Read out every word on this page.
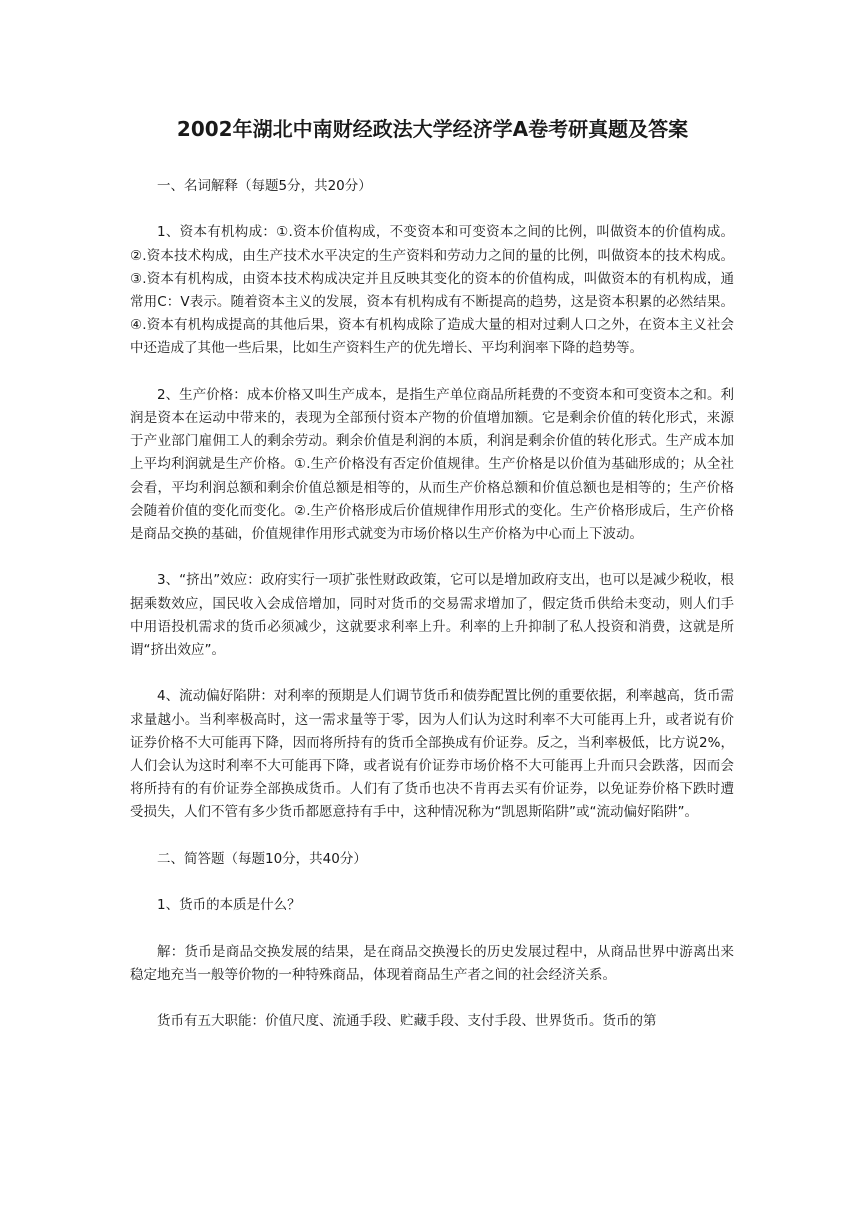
2002年湖北中南财经政法大学经济学A卷考研真题及答案

一、名词解释（每题5分，共20分）

1、资本有机构成：①.资本价值构成，不变资本和可变资本之间的比例，叫做资本的价值构成。②.资本技术构成，由生产技术水平决定的生产资料和劳动力之间的量的比例，叫做资本的技术构成。③.资本有机构成，由资本技术构成决定并且反映其变化的资本的价值构成，叫做资本的有机构成，通常用C：V表示。随着资本主义的发展，资本有机构成有不断提高的趋势，这是资本积累的必然结果。④.资本有机构成提高的其他后果，资本有机构成除了造成大量的相对过剩人口之外，在资本主义社会中还造成了其他一些后果，比如生产资料生产的优先增长、平均利润率下降的趋势等。

2、生产价格：成本价格又叫生产成本，是指生产单位商品所耗费的不变资本和可变资本之和。利润是资本在运动中带来的，表现为全部预付资本产物的价值增加额。它是剩余价值的转化形式，来源于产业部门雇佣工人的剩余劳动。剩余价值是利润的本质，利润是剩余价值的转化形式。生产成本加上平均利润就是生产价格。①.生产价格没有否定价值规律。生产价格是以价值为基础形成的；从全社会看，平均利润总额和剩余价值总额是相等的，从而生产价格总额和价值总额也是相等的；生产价格会随着价值的变化而变化。②.生产价格形成后价值规律作用形式的变化。生产价格形成后，生产价格是商品交换的基础，价值规律作用形式就变为市场价格以生产价格为中心而上下波动。

3、“挤出”效应：政府实行一项扩张性财政政策，它可以是增加政府支出，也可以是减少税收，根据乘数效应，国民收入会成倍增加，同时对货币的交易需求增加了，假定货币供给未变动，则人们手中用语投机需求的货币必须减少，这就要求利率上升。利率的上升抑制了私人投资和消费，这就是所谓“挤出效应”。

4、流动偏好陷阱：对利率的预期是人们调节货币和债券配置比例的重要依据，利率越高，货币需求量越小。当利率极高时，这一需求量等于零，因为人们认为这时利率不大可能再上升，或者说有价证券价格不大可能再下降，因而将所持有的货币全部换成有价证券。反之，当利率极低，比方说2%，人们会认为这时利率不大可能再下降，或者说有价证券市场价格不大可能再上升而只会跌落，因而会将所持有的有价证券全部换成货币。人们有了货币也决不肯再去买有价证券，以免证券价格下跌时遭受损失，人们不管有多少货币都愿意持有手中，这种情况称为“凯恩斯陷阱”或“流动偏好陷阱”。

二、简答题（每题10分，共40分）

1、货币的本质是什么？

解：货币是商品交换发展的结果，是在商品交换漫长的历史发展过程中，从商品世界中游离出来稳定地充当一般等价物的一种特殊商品，体现着商品生产者之间的社会经济关系。

货币有五大职能：价值尺度、流通手段、贮藏手段、支付手段、世界货币。货币的第
